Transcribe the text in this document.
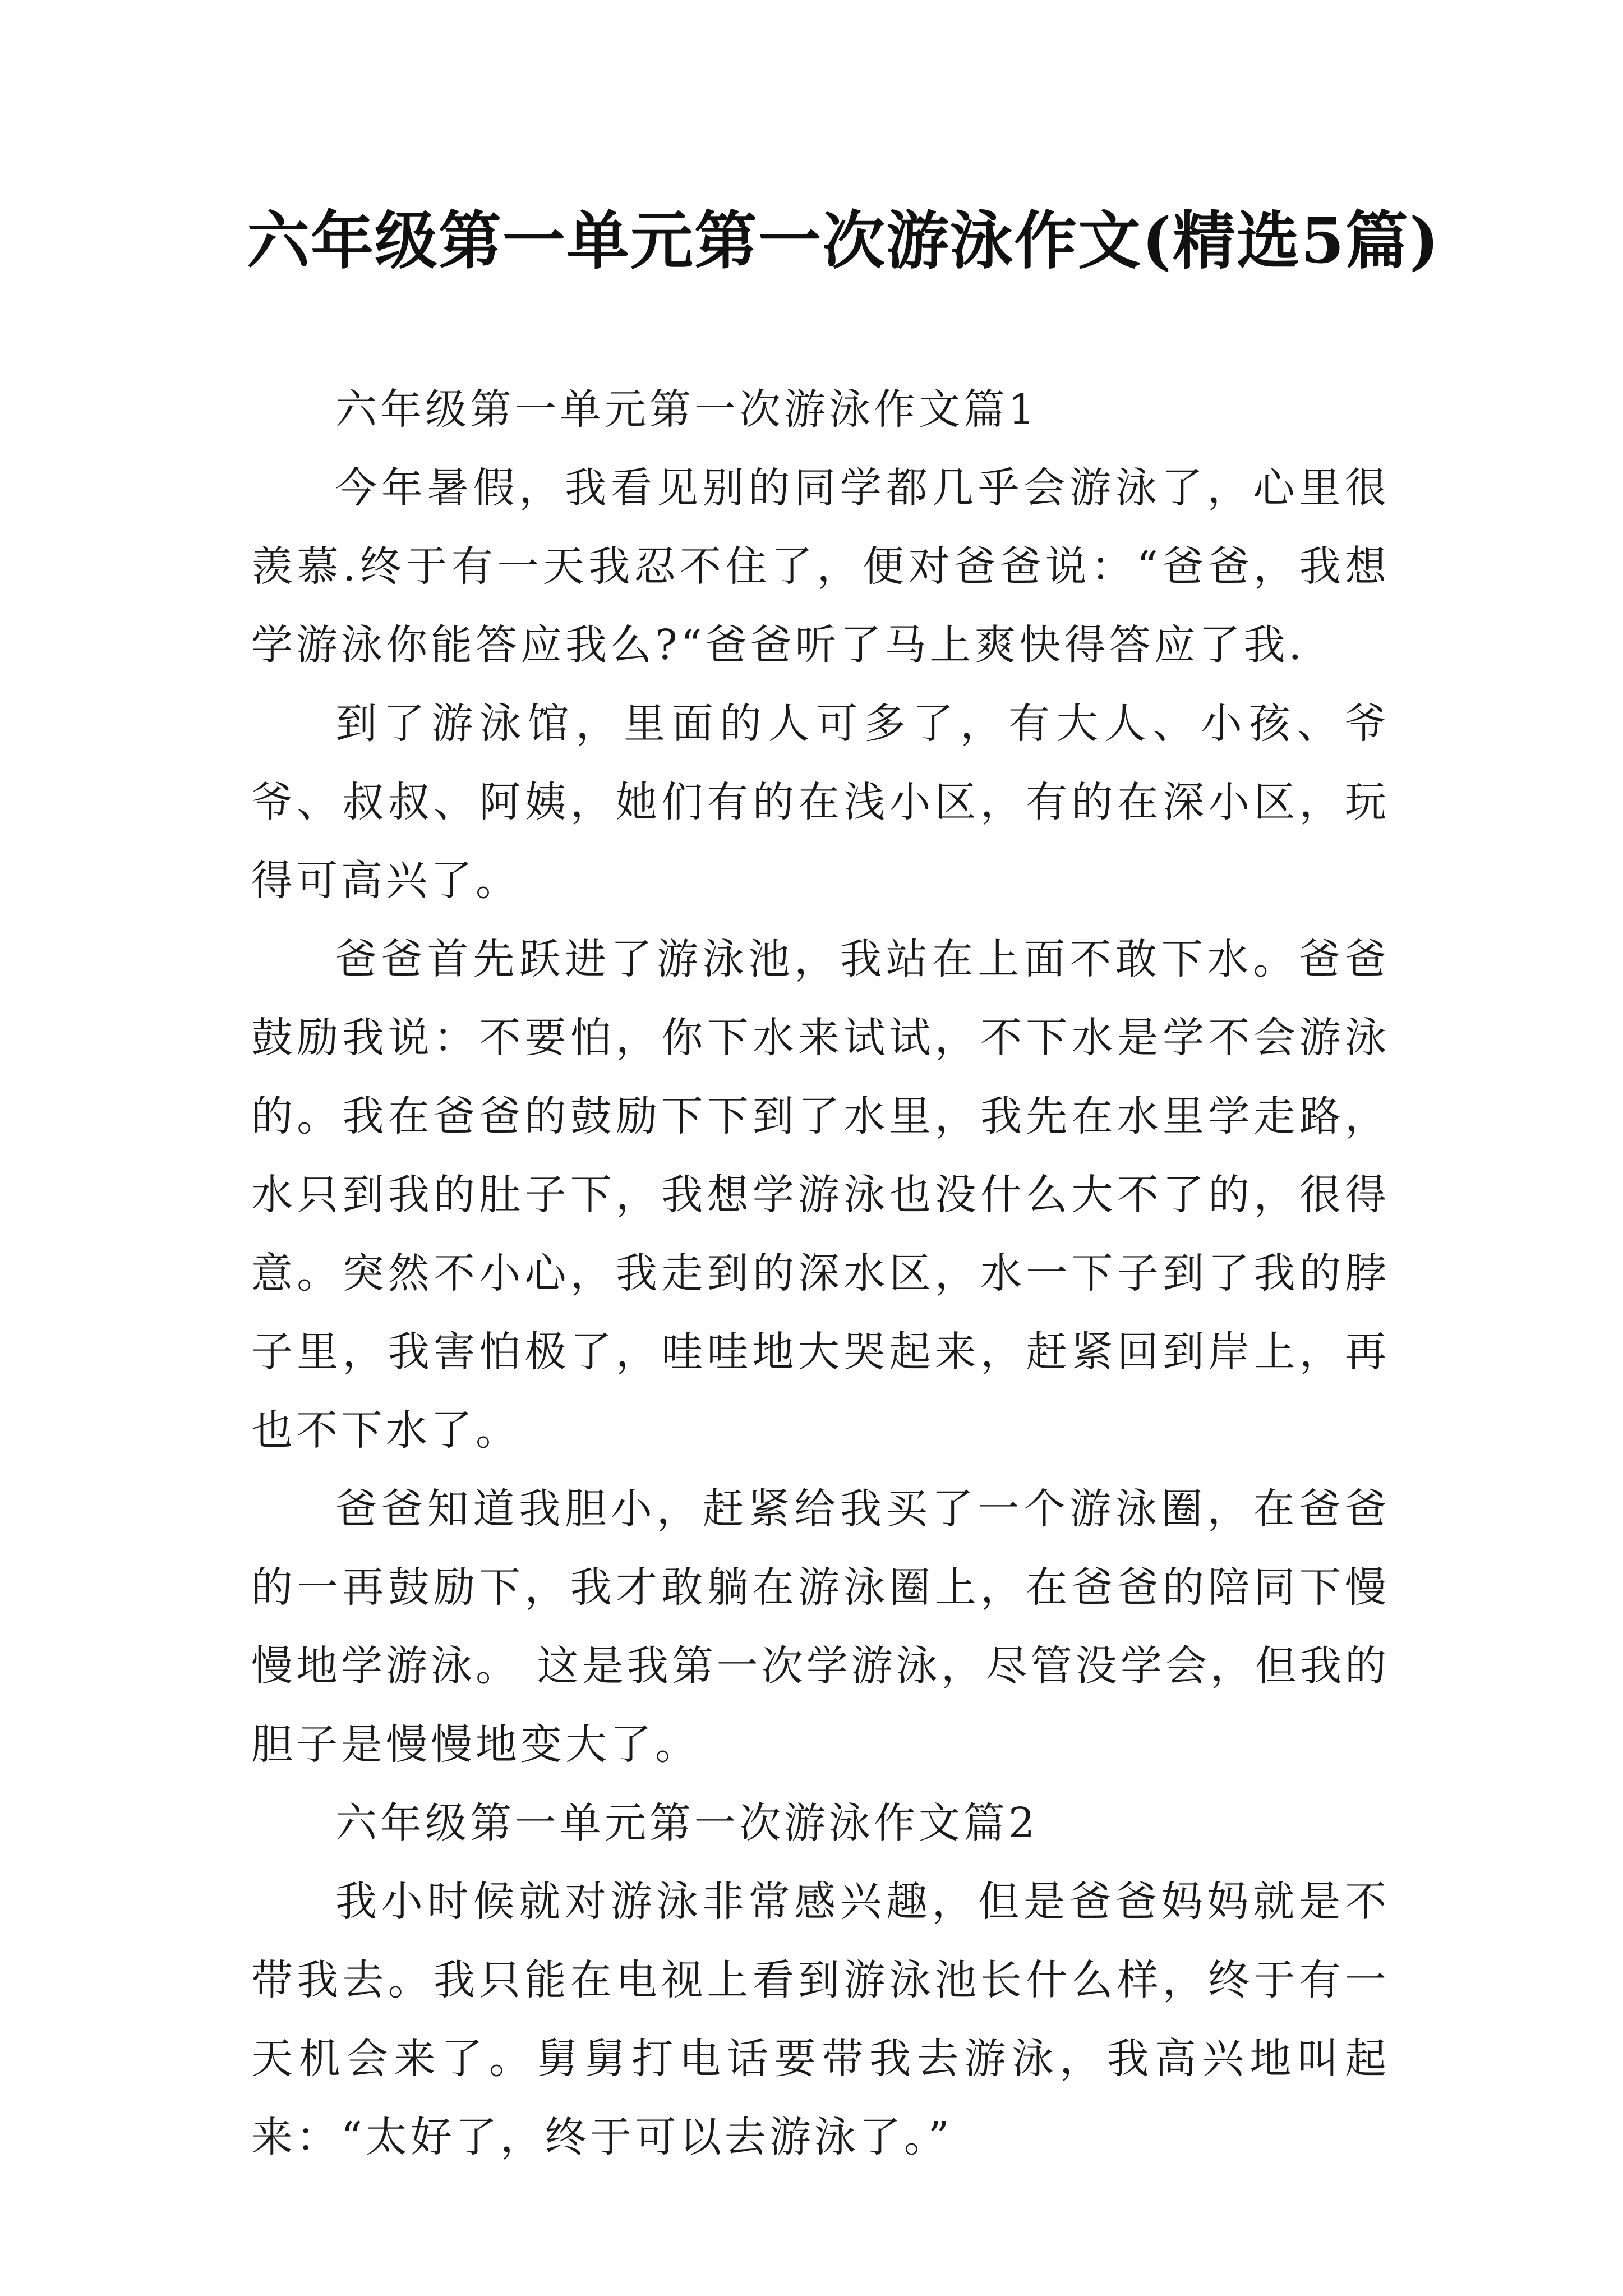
六年级第一单元第一次游泳作文(精选5篇)

六年级第一单元第一次游泳作文篇1

今年暑假，我看见别的同学都几乎会游泳了，心里很羡慕.终于有一天我忍不住了，便对爸爸说：“爸爸，我想学游泳你能答应我么?“爸爸听了马上爽快得答应了我.

到了游泳馆，里面的人可多了，有大人、小孩、爷爷、叔叔、阿姨，她们有的在浅小区，有的在深小区，玩得可高兴了。

爸爸首先跃进了游泳池，我站在上面不敢下水。爸爸鼓励我说：不要怕，你下水来试试，不下水是学不会游泳的。我在爸爸的鼓励下下到了水里，我先在水里学走路，水只到我的肚子下，我想学游泳也没什么大不了的，很得意。突然不小心，我走到的深水区，水一下子到了我的脖子里，我害怕极了，哇哇地大哭起来，赶紧回到岸上，再也不下水了。

爸爸知道我胆小，赶紧给我买了一个游泳圈，在爸爸的一再鼓励下，我才敢躺在游泳圈上，在爸爸的陪同下慢慢地学游泳。 这是我第一次学游泳，尽管没学会，但我的胆子是慢慢地变大了。

六年级第一单元第一次游泳作文篇2

我小时候就对游泳非常感兴趣，但是爸爸妈妈就是不带我去。我只能在电视上看到游泳池长什么样，终于有一天机会来了。舅舅打电话要带我去游泳，我高兴地叫起来：“太好了，终于可以去游泳了。”
